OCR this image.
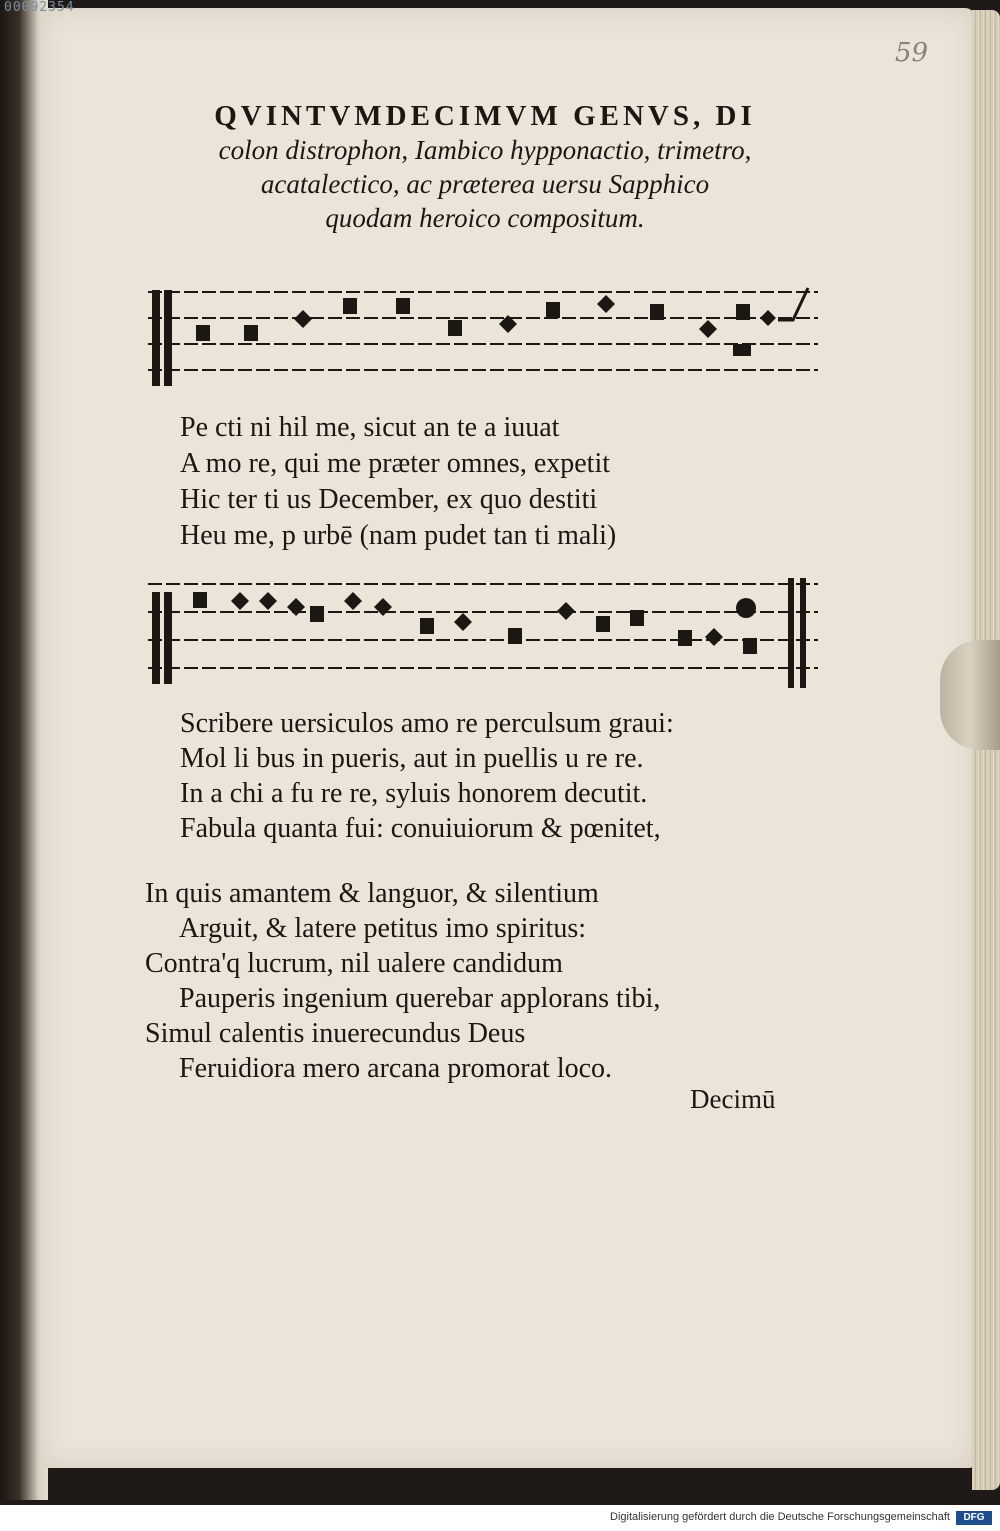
00092354
59
QVINTVMDECIMVM GENVS, DI
colon distrophon, Iambico hypponactio, trimetro,
acatalectico, ac prӕterea uersu Sapphico
quodam heroico compositum.
Pe cti ni hil me, sicut an te a iuuat
A mo re, qui me prӕter omnes, expetit
Hic ter ti us December, ex quo destiti
Heu me, p urbē (nam pudet tan ti mali)
Scribere uersiculos amo re perculsum graui:
Mol li bus in pueris, aut in puellis u re re.
In a chi a fu re re, syluis honorem decutit.
Fabula quanta fui: conuiuiorum & pœnitet,
In quis amantem & languor, & silentium
Arguit, & latere petitus imo spiritus:
Contra'q lucrum, nil ualere candidum
Pauperis ingenium querebar applorans tibi,
Simul calentis inuerecundus Deus
Feruidiora mero arcana promorat loco.
Decimū
Digitalisierung gefördert durch die Deutsche Forschungsgemeinschaft	DFG
